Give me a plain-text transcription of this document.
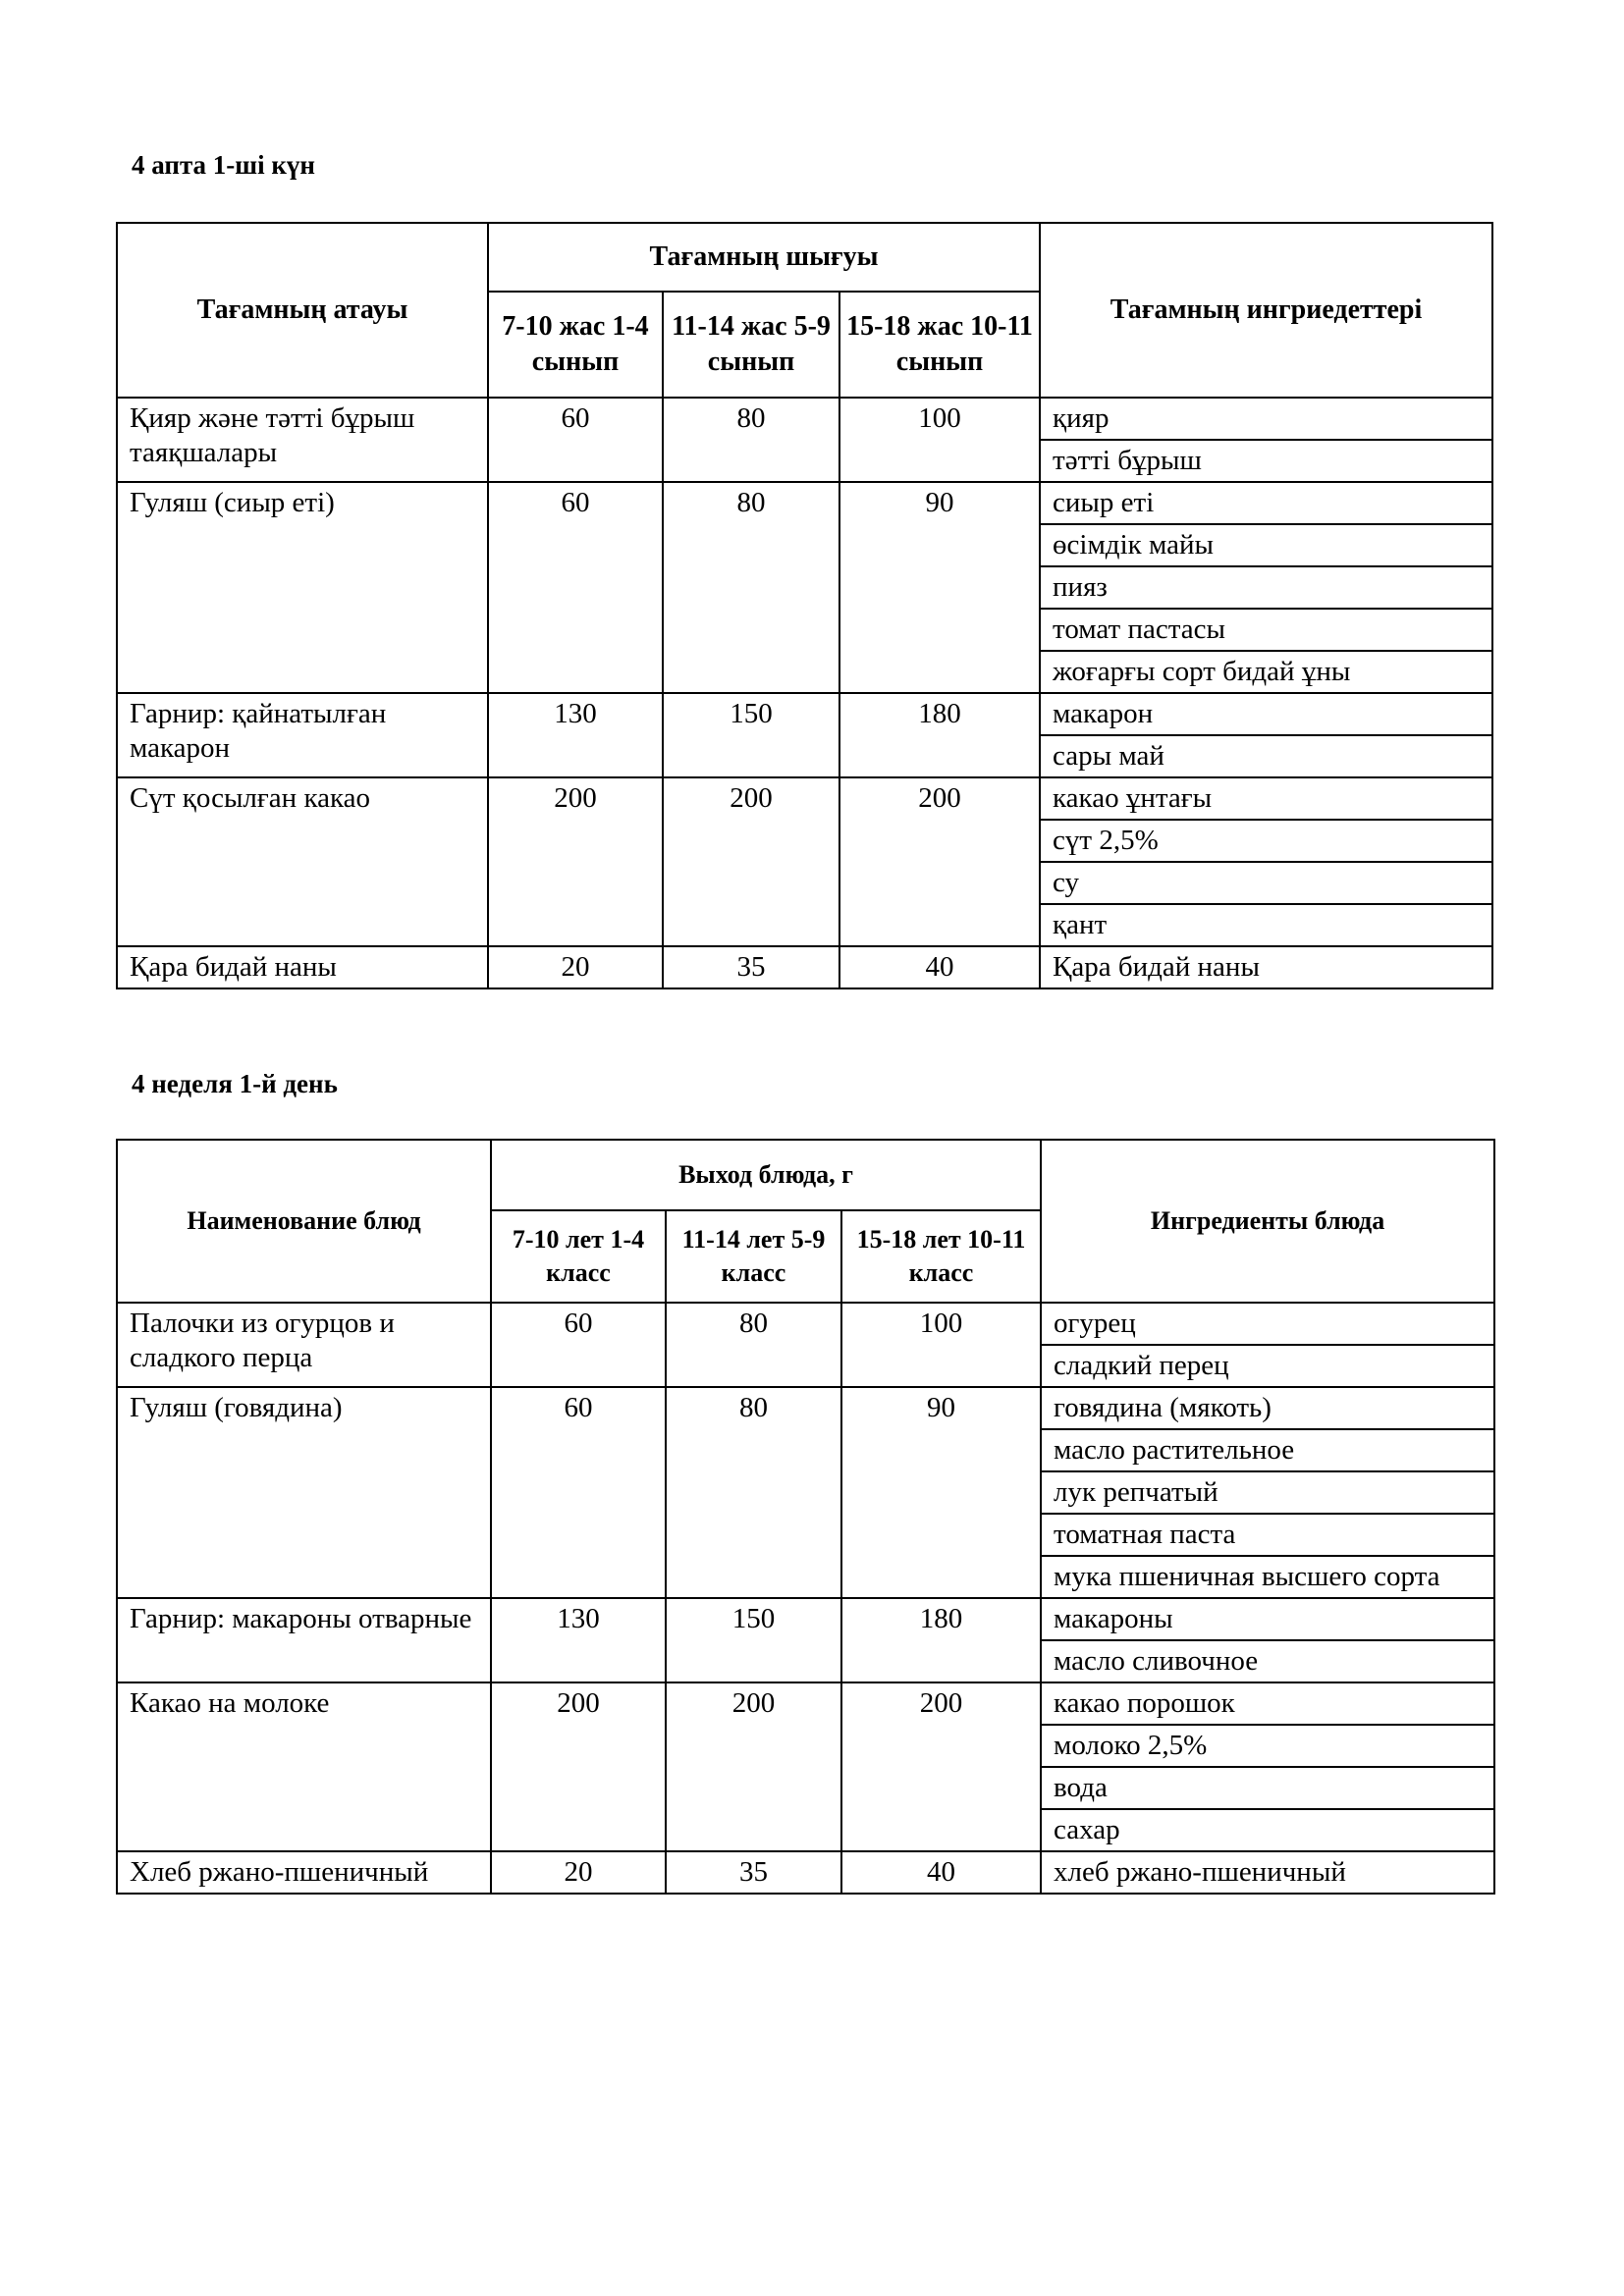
4 апта 1-ші күн
Тағамның атауы	Тағамның шығуы			Тағамның ингриедеттері
	7-10 жас 1-4 сынып	11-14 жас 5-9 сынып	15-18 жас 10-11 сынып	
Қияр және тәтті бұрыш таяқшалары	60	80	100	қияр
				тәтті бұрыш
Гуляш (сиыр еті)	60	80	90	сиыр еті
				өсімдік майы
				пияз
				томат пастасы
				жоғарғы сорт бидай ұны
Гарнир: қайнатылған макарон	130	150	180	макарон
				сары май
Сүт қосылған какао	200	200	200	какао ұнтағы
				сүт 2,5%
				су
				қант
Қара бидай наны	20	35	40	Қара бидай наны
4 неделя 1-й день
Наименование блюд	Выход блюда, г			Ингредиенты блюда
	7-10 лет 1-4 класс	11-14 лет 5-9 класс	15-18 лет 10-11 класс	
Палочки из огурцов и сладкого перца	60	80	100	огурец
				сладкий перец
Гуляш (говядина)	60	80	90	говядина (мякоть)
				масло растительное
				лук репчатый
				томатная паста
				мука пшеничная высшего сорта
Гарнир: макароны отварные	130	150	180	макароны
				масло сливочное
Какао на молоке	200	200	200	какао порошок
				молоко 2,5%
				вода
				сахар
Хлеб ржано-пшеничный	20	35	40	хлеб ржано-пшеничный
